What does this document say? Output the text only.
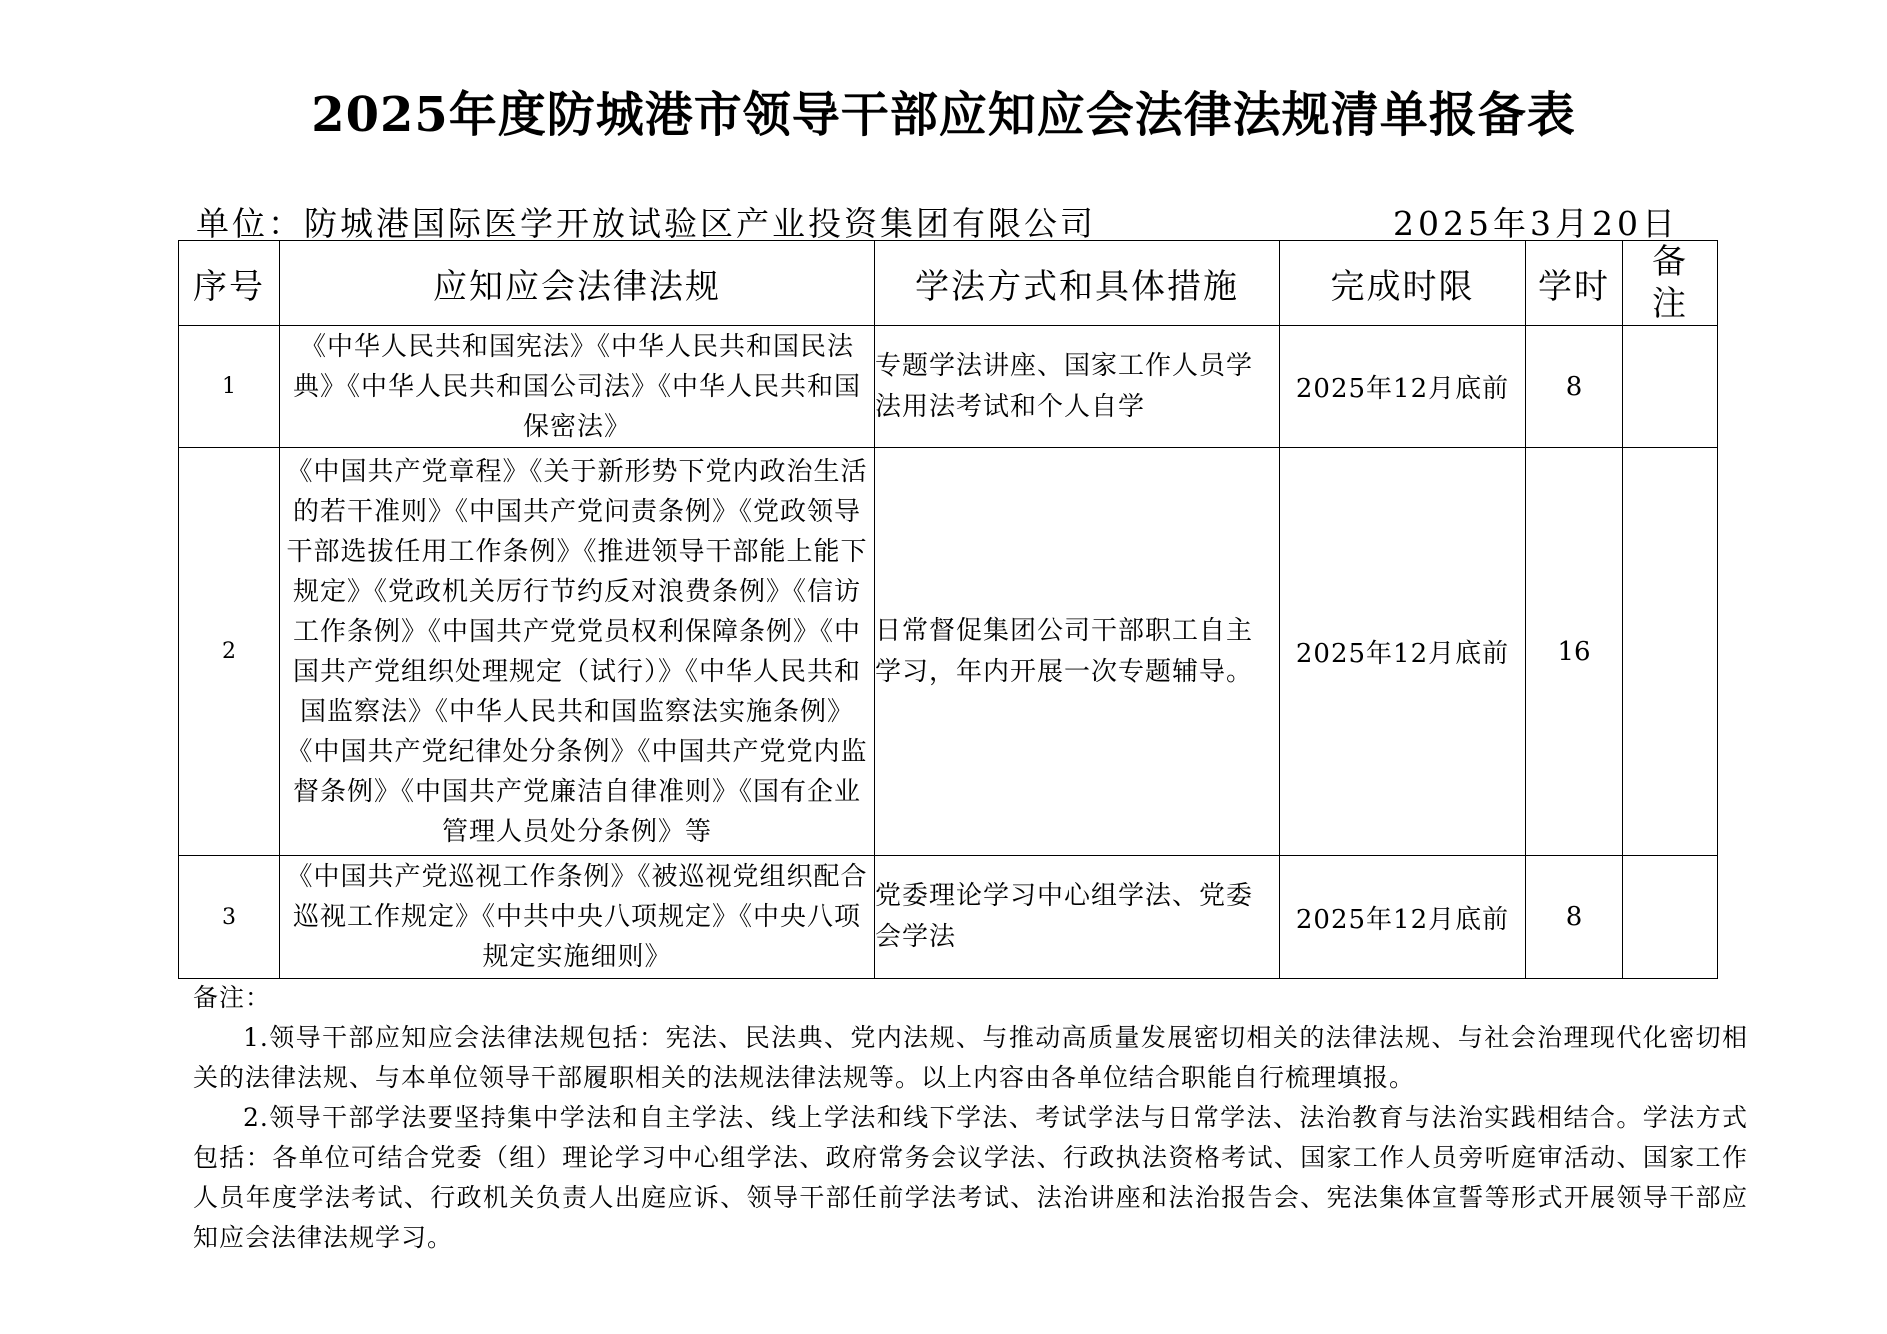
2025年度防城港市领导干部应知应会法律法规清单报备表
单位：防城港国际医学开放试验区产业投资集团有限公司	2025年3月20日
序号	应知应会法律法规	学法方式和具体措施	完成时限	学时	备注
1	《中华人民共和国宪法》《中华人民共和国民法典》《中华人民共和国公司法》《中华人民共和国保密法》	专题学法讲座、国家工作人员学法用法考试和个人自学	2025年12月底前	8	
2	《中国共产党章程》《关于新形势下党内政治生活的若干准则》《中国共产党问责条例》《党政领导干部选拔任用工作条例》《推进领导干部能上能下规定》《党政机关厉行节约反对浪费条例》《信访工作条例》《中国共产党党员权利保障条例》《中国共产党组织处理规定（试行）》《中华人民共和国监察法》《中华人民共和国监察法实施条例》《中国共产党纪律处分条例》《中国共产党党内监督条例》《中国共产党廉洁自律准则》《国有企业管理人员处分条例》等	日常督促集团公司干部职工自主学习，年内开展一次专题辅导。	2025年12月底前	16	
3	《中国共产党巡视工作条例》《被巡视党组织配合巡视工作规定》《中共中央八项规定》《中央八项规定实施细则》	党委理论学习中心组学法、党委会学法	2025年12月底前	8	

备注：

1.领导干部应知应会法律法规包括：宪法、民法典、党内法规、与推动高质量发展密切相关的法律法规、与社会治理现代化密切相关的法律法规、与本单位领导干部履职相关的法规法律法规等。以上内容由各单位结合职能自行梳理填报。

2.领导干部学法要坚持集中学法和自主学法、线上学法和线下学法、考试学法与日常学法、法治教育与法治实践相结合。学法方式包括：各单位可结合党委（组）理论学习中心组学法、政府常务会议学法、行政执法资格考试、国家工作人员旁听庭审活动、国家工作人员年度学法考试、行政机关负责人出庭应诉、领导干部任前学法考试、法治讲座和法治报告会、宪法集体宣誓等形式开展领导干部应知应会法律法规学习。
